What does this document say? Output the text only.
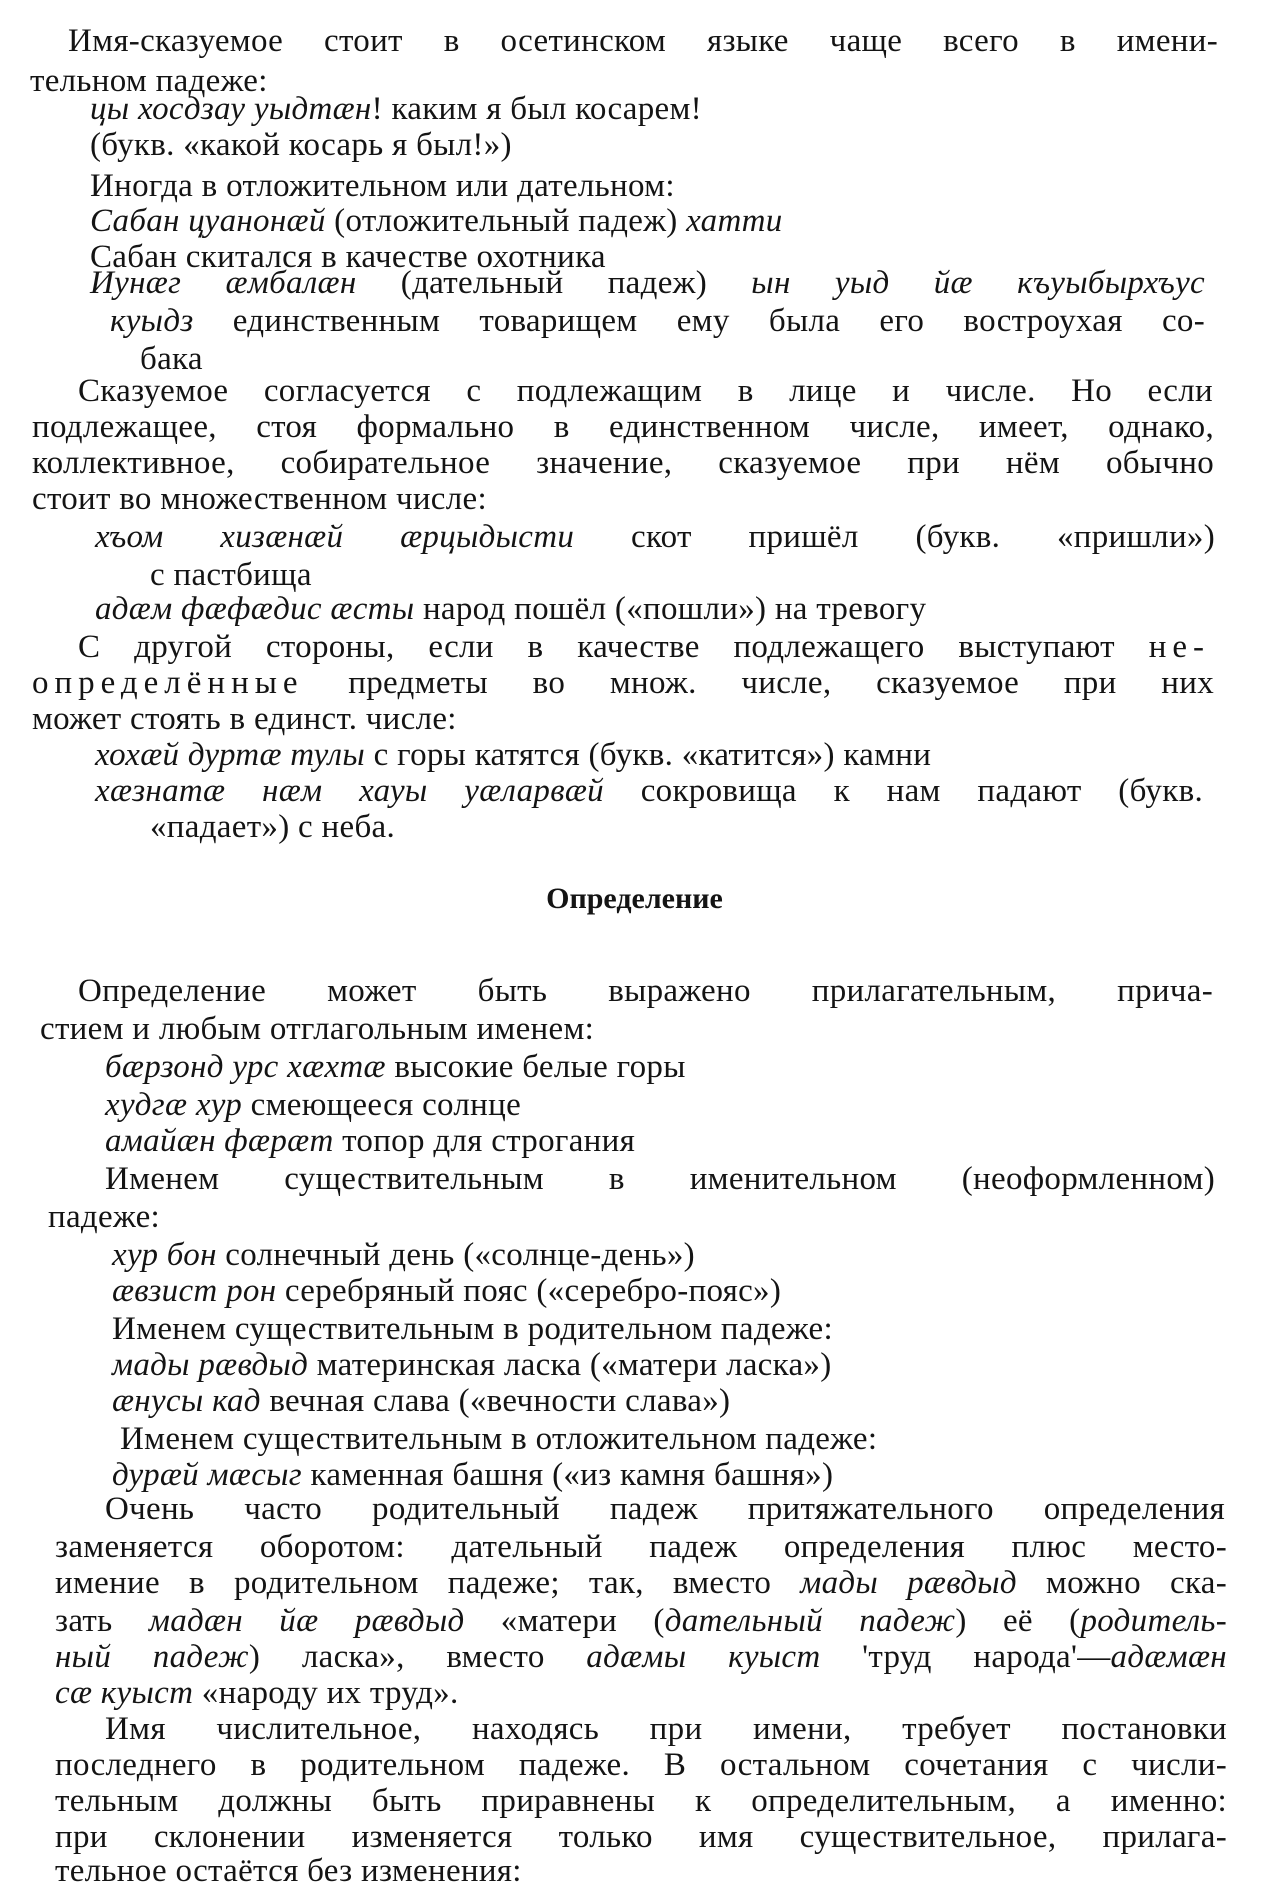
Имя-сказуемое стоит в осетинском языке чаще всего в имени-
тельном падеже:
цы хосдзау уыдтæн! каким я был косарем!
(букв. «какой косарь я был!»)
Иногда в отложительном или дательном:
Сабан цуанонæй (отложительный падеж) хатти
Сабан скитался в качестве охотника
Иунæг æмбалæн (дательный падеж) ын уыд йæ къуыбырхъус
куыдз единственным товарищем ему была его востроухая со-
бака
Сказуемое согласуется с подлежащим в лице и числе. Но если
подлежащее, стоя формально в единственном числе, имеет, однако,
коллективное, собирательное значение, сказуемое при нём обычно
стоит во множественном числе:
хъом хизæнæй æрцыдысти скот пришёл (букв. «пришли»)
с пастбища
адæм фæфæдис æсты народ пошёл («пошли») на тревогу
С другой стороны, если в качестве подлежащего выступают не-
определённые предметы во множ. числе, сказуемое при них
может стоять в единст. числе:
хохæй дуртæ тулы с горы катятся (букв. «катится») камни
хæзнатæ нæм хауы уæларвæй сокровища к нам падают (букв.
«падает») с неба.
Определение может быть выражено прилагательным, прича-
стием и любым отглагольным именем:
бæрзонд урс хæхтæ высокие белые горы
худгæ хур смеющееся солнце
амайæн фæрæт топор для строгания
Именем существительным в именительном (неоформленном)
падеже:
хур бон солнечный день («солнце-день»)
æвзист рон серебряный пояс («серебро-пояс»)
Именем существительным в родительном падеже:
мады рæвдыд материнская ласка («матери ласка»)
æнусы кад вечная слава («вечности слава»)
Именем существительным в отложительном падеже:
дурæй мæсыг каменная башня («из камня башня»)
Очень часто родительный падеж притяжательного определения
заменяется оборотом: дательный падеж определения плюс место-
имение в родительном падеже; так, вместо мады рæвдыд можно ска-
зать мадæн йæ рæвдыд «матери (дательный падеж) её (родитель-
ный падеж) ласка», вместо адæмы куыст 'труд народа'—адæмæн
сæ куыст «народу их труд».
Имя числительное, находясь при имени, требует постановки
последнего в родительном падеже. В остальном сочетания с числи-
тельным должны быть приравнены к определительным, а именно:
при склонении изменяется только имя существительное, прилага-
тельное остаётся без изменения:
Определение
